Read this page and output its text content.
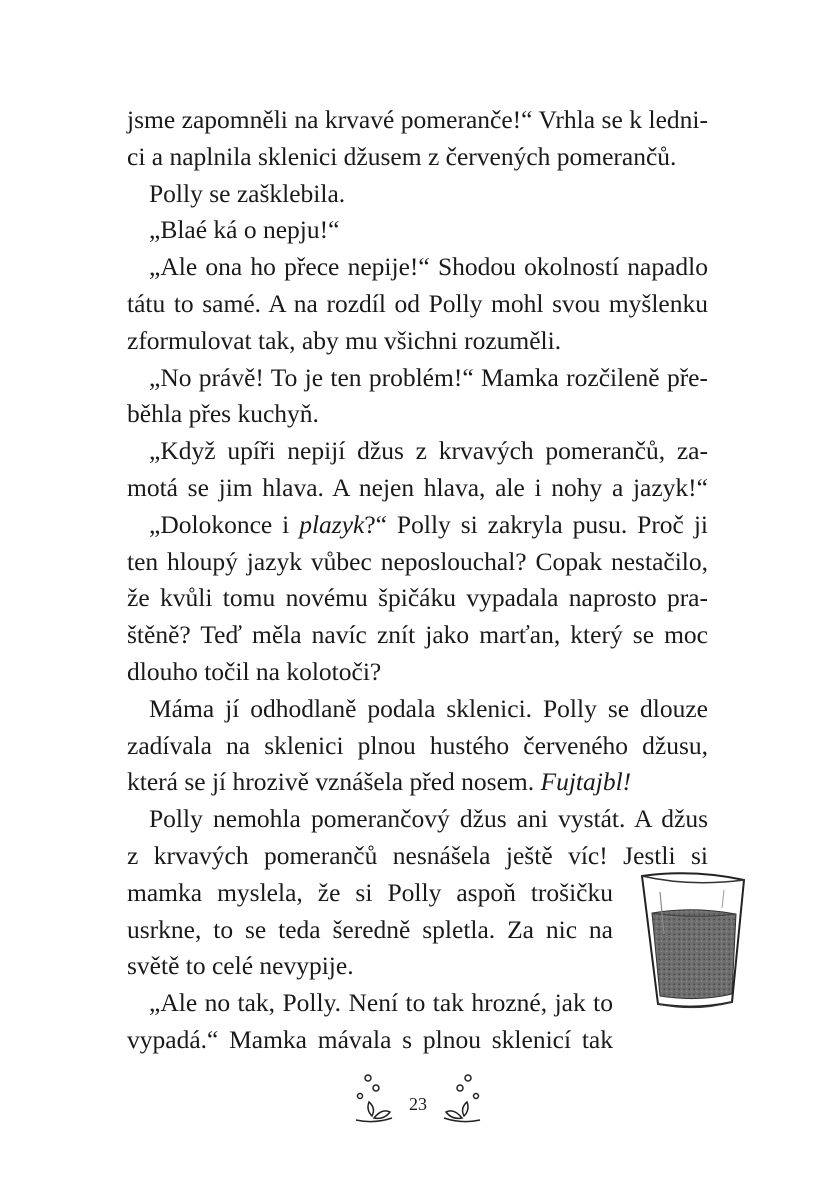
jsme zapomněli na krvavé pomeranče!“ Vrhla se k ledni-
ci a naplnila sklenici džusem z červených pomerančů.
Polly se zašklebila.
„Blaé ká o nepju!“
„Ale ona ho přece nepije!“ Shodou okolností napadlo
tátu to samé. A na rozdíl od Polly mohl svou myšlenku
zformulovat tak, aby mu všichni rozuměli.
„No právě! To je ten problém!“ Mamka rozčileně pře-
běhla přes kuchyň.
„Když upíři nepijí džus z krvavých pomerančů, za-
motá se jim hlava. A nejen hlava, ale i nohy a jazyk!“
„Dolokonce i plazyk?“ Polly si zakryla pusu. Proč ji
ten hloupý jazyk vůbec neposlouchal? Copak nestačilo,
že kvůli tomu novému špičáku vypadala naprosto pra-
štěně? Teď měla navíc znít jako marťan, který se moc
dlouho točil na kolotoči?
Máma jí odhodlaně podala sklenici. Polly se dlouze
zadívala na sklenici plnou hustého červeného džusu,
která se jí hrozivě vznášela před nosem. Fujtajbl!
Polly nemohla pomerančový džus ani vystát. A džus
z krvavých pomerančů nesnášela ještě víc! Jestli si
mamka myslela, že si Polly aspoň trošičku
usrkne, to se teda šeredně spletla. Za nic na
světě to celé nevypije.
„Ale no tak, Polly. Není to tak hrozné, jak to
vypadá.“ Mamka mávala s plnou sklenicí tak
23
